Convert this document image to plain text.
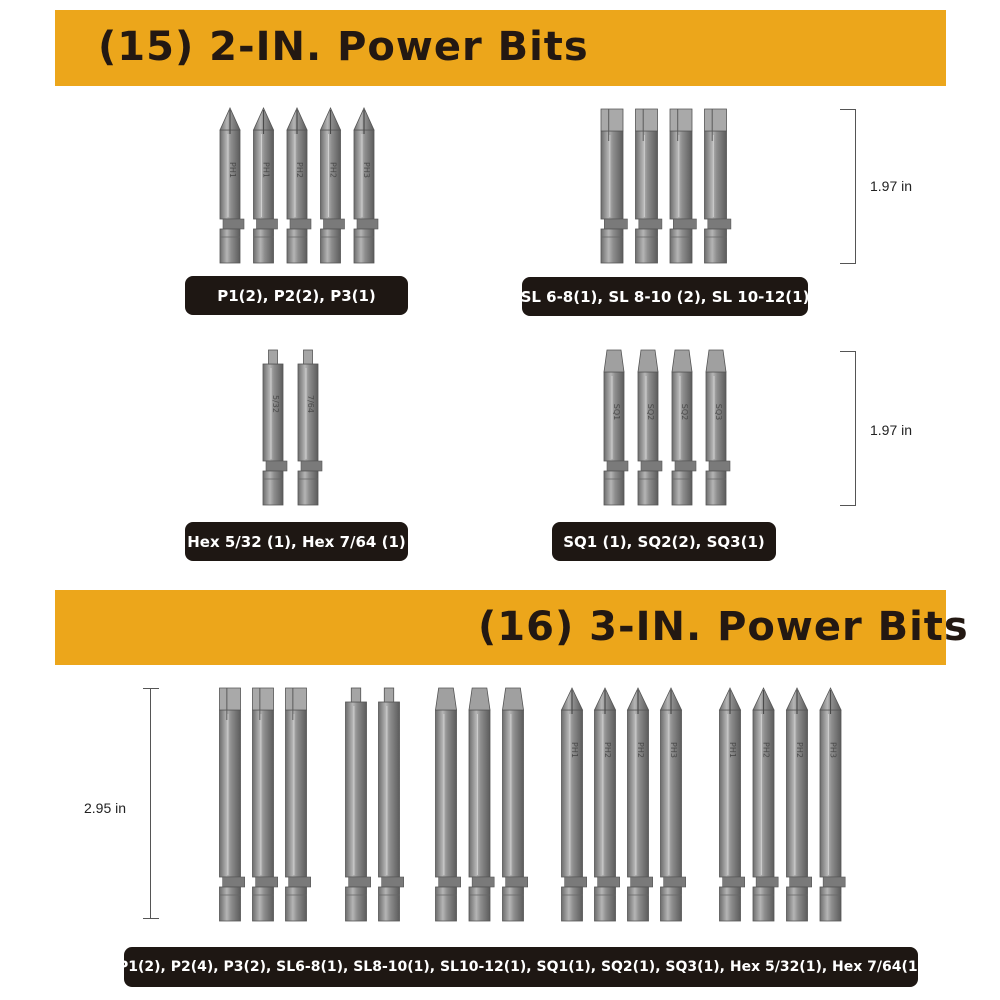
(15) 2-IN. Power Bits
PH1	PH1	PH2	PH2	PH3
5/32	7/64	SQ1	SQ2	SQ2	SQ3
PH1	PH2	PH2	PH3	PH1	PH2	PH2	PH3
P1(2), P2(2), P3(1)	SL 6-8(1), SL 8-10 (2), SL 10-12(1)
Hex 5/32 (1), Hex 7/64 (1)	SQ1 (1), SQ2(2), SQ3(1)
1.97 in
1.97 in
(16) 3-IN. Power Bits
2.95 in
P1(2), P2(4), P3(2), SL6-8(1), SL8-10(1), SL10-12(1), SQ1(1), SQ2(1), SQ3(1), Hex 5/32(1), Hex 7/64(1)
